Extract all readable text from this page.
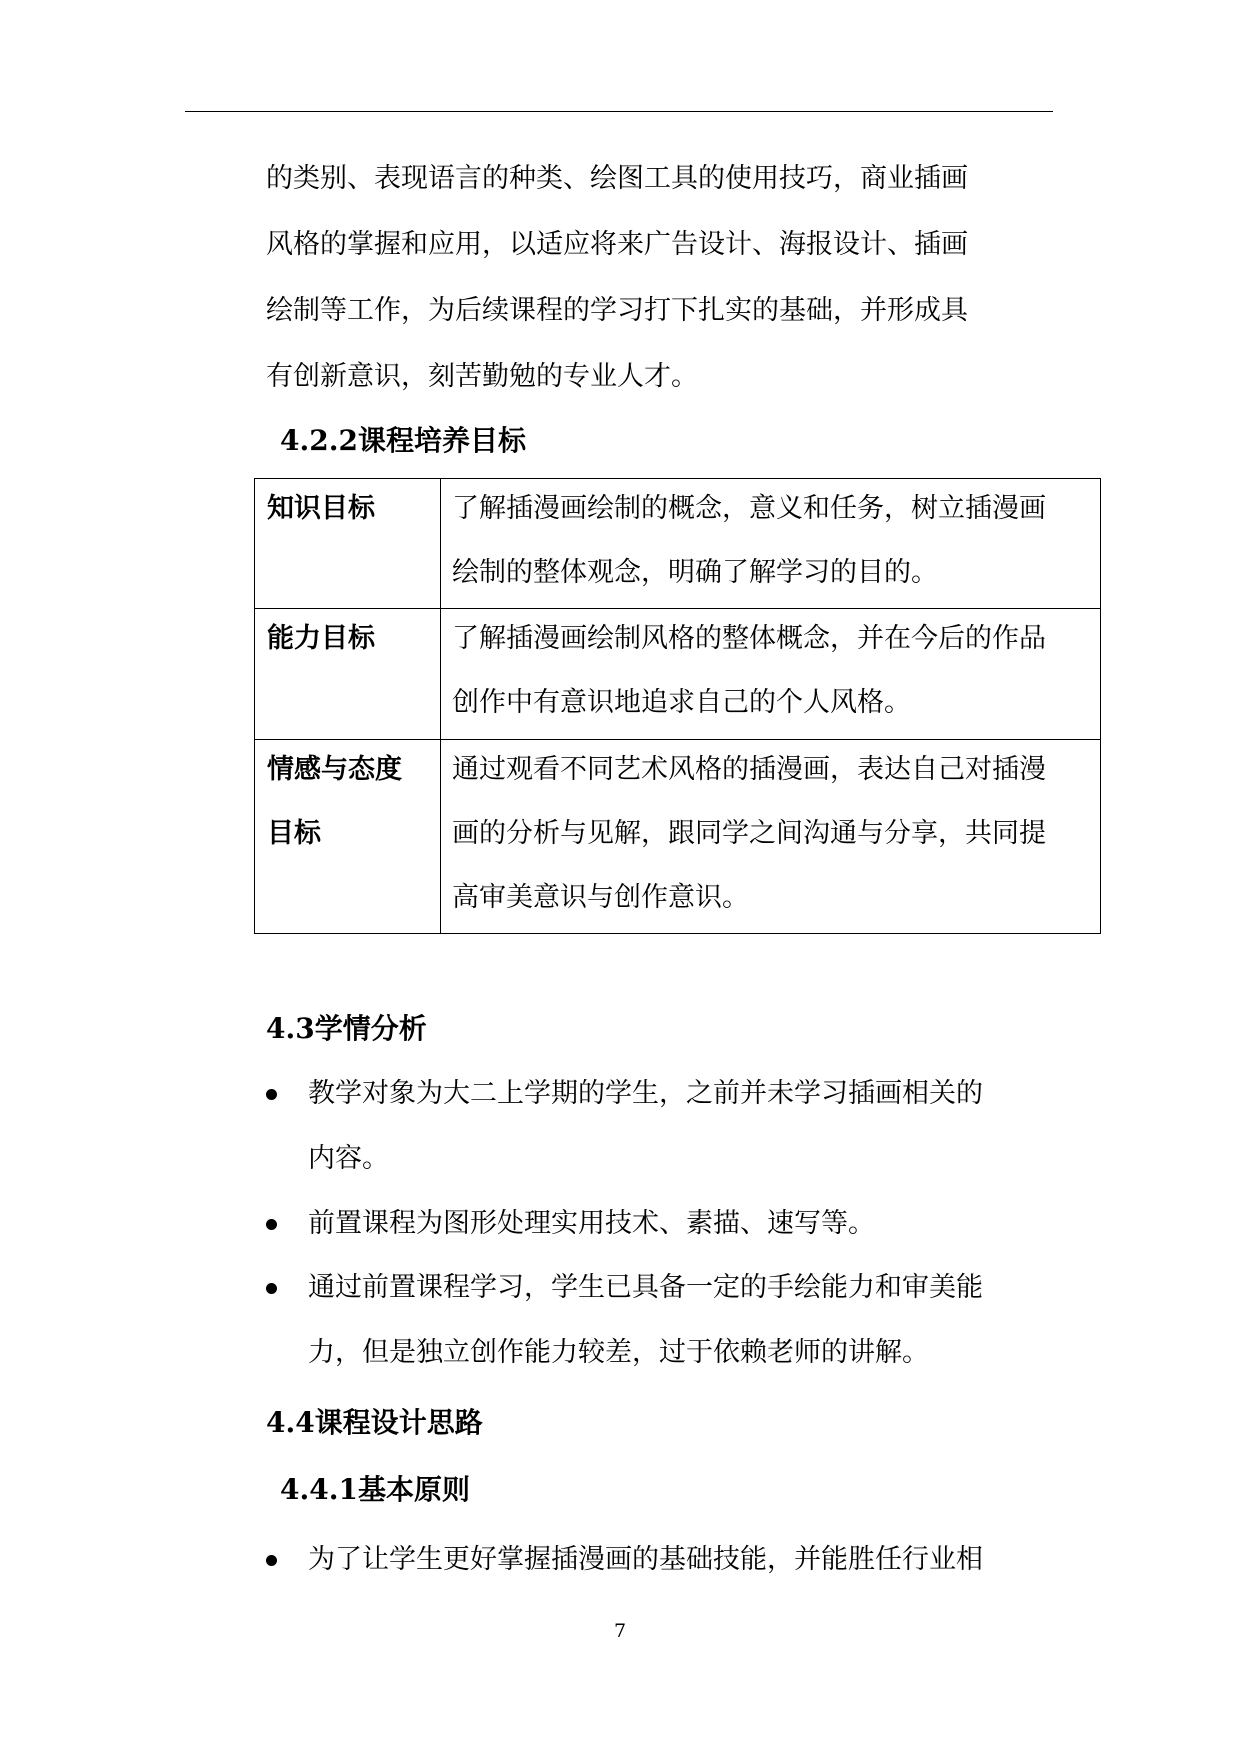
的类别、表现语言的种类、绘图工具的使用技巧，商业插画
风格的掌握和应用，以适应将来广告设计、海报设计、插画
绘制等工作，为后续课程的学习打下扎实的基础，并形成具
有创新意识，刻苦勤勉的专业人才。
4.2.2课程培养目标
知识目标	了解插漫画绘制的概念，意义和任务，树立插漫画
绘制的整体观念，明确了解学习的目的。
能力目标	了解插漫画绘制风格的整体概念，并在今后的作品
创作中有意识地追求自己的个人风格。
情感与态度
目标
通过观看不同艺术风格的插漫画，表达自己对插漫
画的分析与见解，跟同学之间沟通与分享，共同提
高审美意识与创作意识。
4.3学情分析
教学对象为大二上学期的学生，之前并未学习插画相关的
内容。
前置课程为图形处理实用技术、素描、速写等。
通过前置课程学习，学生已具备一定的手绘能力和审美能
力，但是独立创作能力较差，过于依赖老师的讲解。
4.4课程设计思路
4.4.1基本原则
为了让学生更好掌握插漫画的基础技能，并能胜任行业相
7
